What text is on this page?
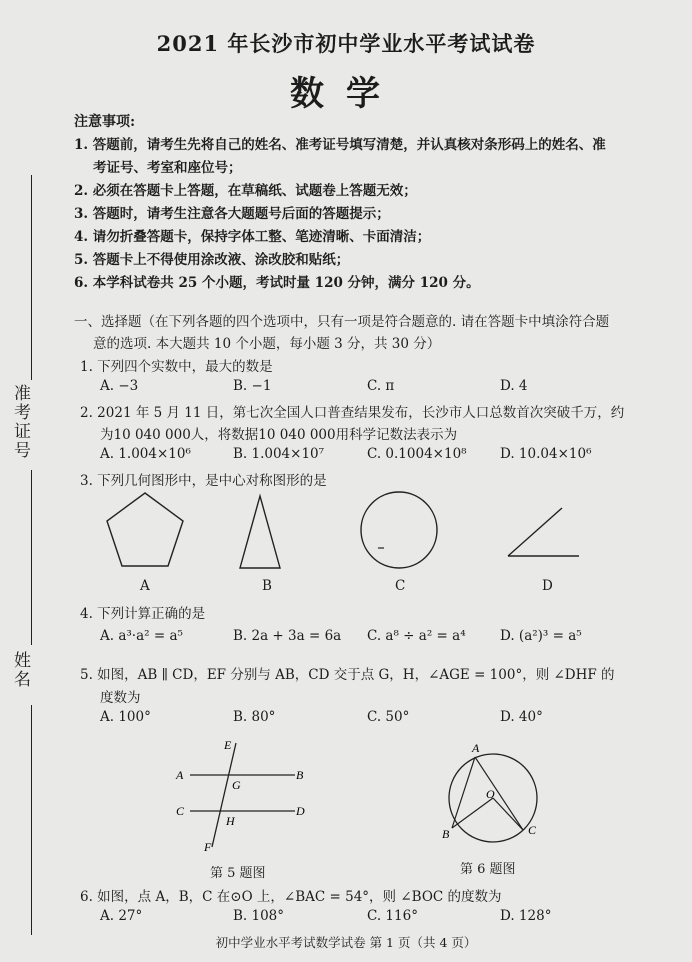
2021 年长沙市初中学业水平考试试卷
数学
准考证号
姓名
注意事项:
1. 答题前，请考生先将自己的姓名、准考证号填写清楚，并认真核对条形码上的姓名、准
考证号、考室和座位号；
2. 必须在答题卡上答题，在草稿纸、试题卷上答题无效；
3. 答题时，请考生注意各大题题号后面的答题提示；
4. 请勿折叠答题卡，保持字体工整、笔迹清晰、卡面清洁；
5. 答题卡上不得使用涂改液、涂改胶和贴纸；
6. 本学科试卷共 25 个小题，考试时量 120 分钟，满分 120 分。
一、选择题（在下列各题的四个选项中，只有一项是符合题意的. 请在答题卡中填涂符合题
意的选项. 本大题共 10 个小题，每小题 3 分，共 30 分）
1. 下列四个实数中，最大的数是
A. −3	B. −1	C. π	D. 4
2. 2021 年 5 月 11 日，第七次全国人口普查结果发布，长沙市人口总数首次突破千万，约
为10 040 000人，将数据10 040 000用科学记数法表示为
A. 1.004×10⁶	B. 1.004×10⁷	C. 0.1004×10⁸ D. 10.04×10⁶
3. 下列几何图形中，是中心对称图形的是
A	B	C	D
4. 下列计算正确的是
A. a³·a² = a⁵	B. 2a + 3a = 6a C. a⁸ ÷ a² = a⁴	D. (a²)³ = a⁵
5. 如图，AB ∥ CD，EF 分别与 AB，CD 交于点 G，H，∠AGE = 100°，则 ∠DHF 的
度数为
A. 100°	B. 80°	C. 50°	D. 40°
E
A
G
B
C
H
D
F
第 5 题图
A
O
B	C
第 6 题图
6. 如图，点 A，B，C 在⊙O 上，∠BAC = 54°，则 ∠BOC 的度数为
A. 27°	B. 108°	C. 116°	D. 128°
初中学业水平考试数学试卷 第 1 页（共 4 页）
